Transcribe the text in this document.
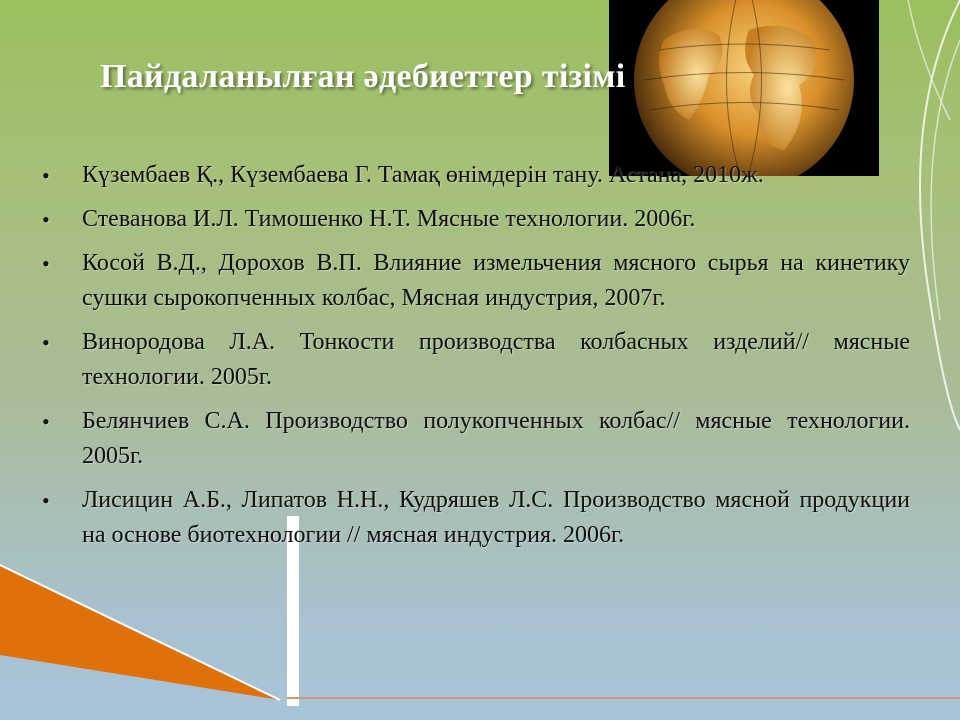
Пайдаланылған әдебиеттер тізімі
•	Күзембаев Қ., Күзембаева Г. Тамақ өнімдерін тану. Астана, 2010ж.
•	Стеванова И.Л. Тимошенко Н.Т. Мясные технологии. 2006г.
•	Косой В.Д., Дорохов В.П. Влияние измельчения мясного сырья на кинетику сушки сырокопченных колбас, Мясная индустрия, 2007г.
•	Винородова Л.А. Тонкости производства колбасных изделий// мясные технологии. 2005г.
•	Белянчиев С.А. Производство полукопченных колбас// мясные технологии. 2005г.
•	Лисицин А.Б., Липатов Н.Н., Кудряшев Л.С. Производство мясной продукции на основе биотехнологии // мясная индустрия. 2006г.
